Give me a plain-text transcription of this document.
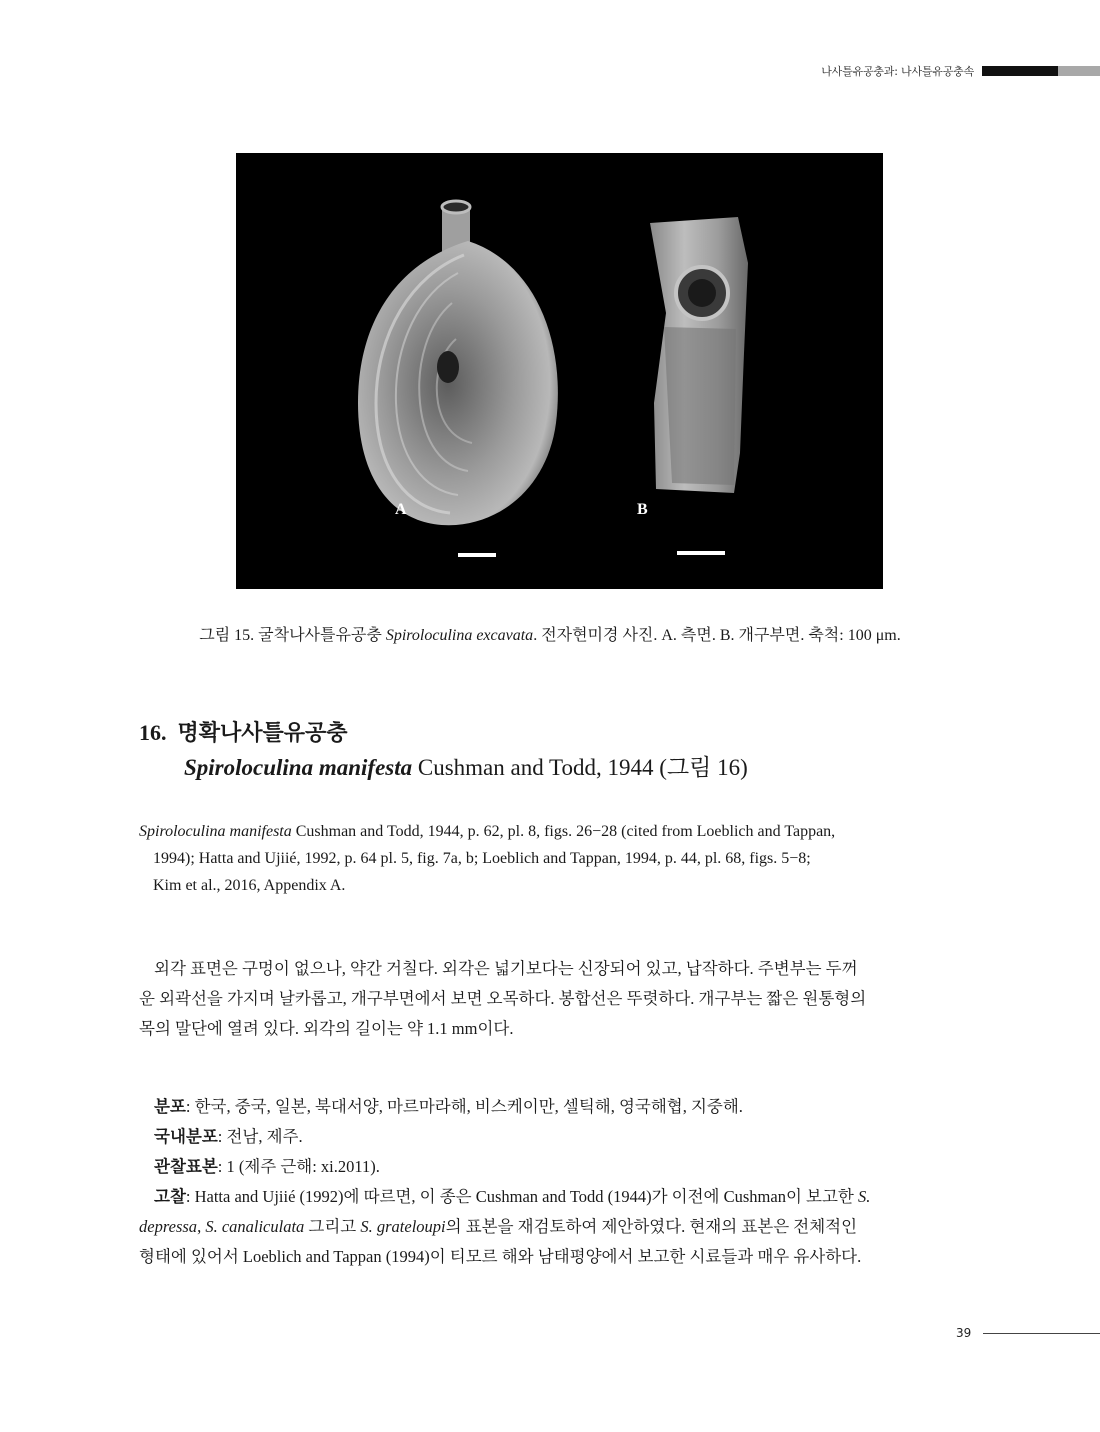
나사틀유공충과: 나사틀유공충속
A	B
그림 15. 굴착나사틀유공충 Spiroloculina excavata. 전자현미경 사진. A. 측면. B. 개구부면. 축척: 100 μm.
16. 명확나사틀유공충
Spiroloculina manifesta Cushman and Todd, 1944 (그림 16)
Spiroloculina manifesta Cushman and Todd, 1944, p. 62, pl. 8, figs. 26−28 (cited from Loeblich and Tappan,
1994); Hatta and Ujiié, 1992, p. 64 pl. 5, fig. 7a, b; Loeblich and Tappan, 1994, p. 44, pl. 68, figs. 5−8;
Kim et al., 2016, Appendix A.
외각 표면은 구멍이 없으나, 약간 거칠다. 외각은 넓기보다는 신장되어 있고, 납작하다. 주변부는 두꺼
운 외곽선을 가지며 날카롭고, 개구부면에서 보면 오목하다. 봉합선은 뚜렷하다. 개구부는 짧은 원통형의
목의 말단에 열려 있다. 외각의 길이는 약 1.1 mm이다.
분포: 한국, 중국, 일본, 북대서양, 마르마라해, 비스케이만, 셀틱해, 영국해협, 지중해.
국내분포: 전남, 제주.
관찰표본: 1 (제주 근해: xi.2011).
고찰: Hatta and Ujiié (1992)에 따르면, 이 종은 Cushman and Todd (1944)가 이전에 Cushman이 보고한 S.
depressa, S. canaliculata 그리고 S. grateloupi의 표본을 재검토하여 제안하였다. 현재의 표본은 전체적인
형태에 있어서 Loeblich and Tappan (1994)이 티모르 해와 남태평양에서 보고한 시료들과 매우 유사하다.
39
